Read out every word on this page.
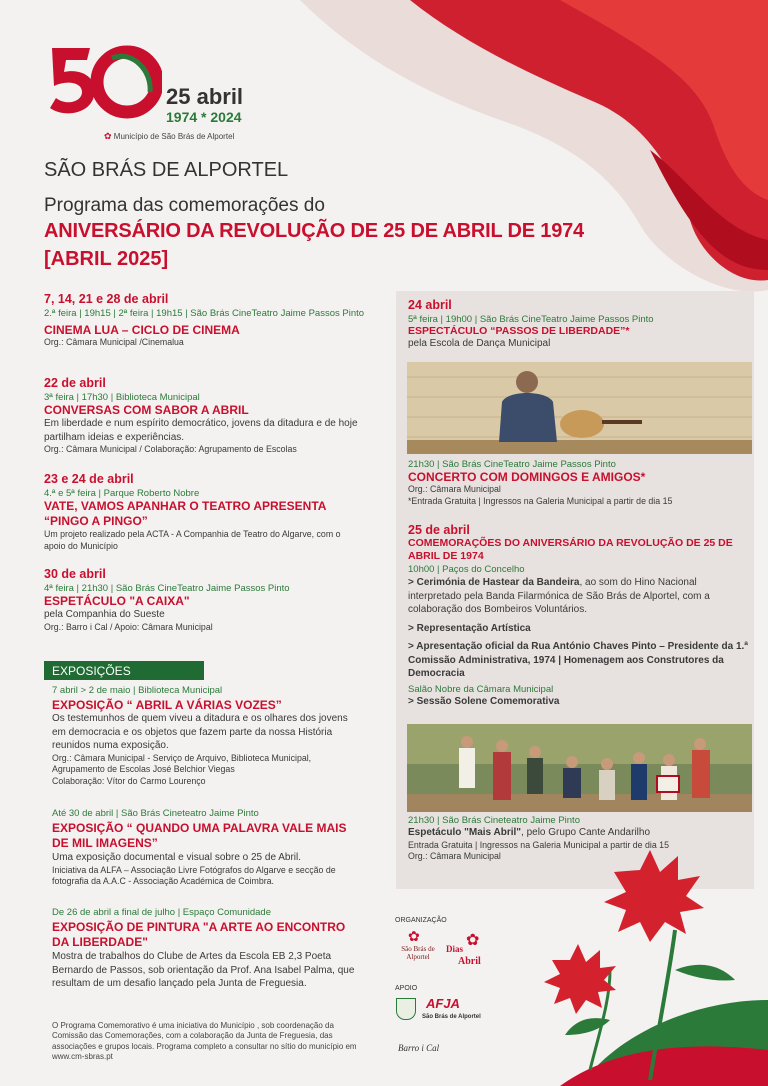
25 abril
1974 * 2024
✿ Município de São Brás de Alportel
SÃO BRÁS DE ALPORTEL
Programa das comemorações do
ANIVERSÁRIO DA REVOLUÇÃO DE 25 DE ABRIL DE 1974
[ABRIL 2025]
7, 14, 21 e 28 de abril
2.ª feira | 19h15 | 2ª feira | 19h15 | São Brás CineTeatro Jaime Passos Pinto
CINEMA LUA – CICLO DE CINEMA
Org.: Câmara Municipal /Cinemalua
22 de abril
3ª feira | 17h30 | Biblioteca Municipal
CONVERSAS COM SABOR A ABRIL
Em liberdade e num espírito democrático, jovens da ditadura e de hoje partilham ideias e experiências.
Org.: Câmara Municipal / Colaboração: Agrupamento de Escolas
23 e 24 de abril
4.ª e 5ª feira | Parque Roberto Nobre
VATE, VAMOS APANHAR O TEATRO APRESENTA “PINGO A PINGO”
Um projeto realizado pela ACTA - A Companhia de Teatro do Algarve, com o apoio do Município
30 de abril
4ª feira | 21h30 | São Brás CineTeatro Jaime Passos Pinto
ESPETÁCULO "A CAIXA"
pela Companhia do Sueste
Org.: Barro i Cal / Apoio: Câmara Municipal
EXPOSIÇÕES
7 abril > 2 de maio | Biblioteca Municipal
EXPOSIÇÃO “ ABRIL A VÁRIAS VOZES”
Os testemunhos de quem viveu a ditadura e os olhares dos jovens em democracia e os objetos que fazem parte da nossa História reunidos numa exposição.
Org.: Câmara Municipal - Serviço de Arquivo, Biblioteca Municipal, Agrupamento de Escolas José Belchior Viegas
Colaboração: Vítor do Carmo Lourenço
Até 30 de abril | São Brás Cineteatro Jaime Pinto
EXPOSIÇÃO “ QUANDO UMA PALAVRA VALE MAIS DE MIL IMAGENS”
Uma exposição documental e visual sobre o 25 de Abril.
Iniciativa da ALFA – Associação Livre Fotógrafos do Algarve e secção de fotografia da A.A.C - Associação Académica de Coimbra.
De 26 de abril a final de julho | Espaço Comunidade
EXPOSIÇÃO DE PINTURA "A ARTE AO ENCONTRO DA LIBERDADE"
Mostra de trabalhos do Clube de Artes da Escola EB 2,3 Poeta Bernardo de Passos, sob orientação da Prof. Ana Isabel Palma, que resultam de um desafio lançado pela Junta de Freguesia.
O Programa Comemorativo é uma iniciativa do Município , sob coordenação da Comissão das Comemorações, com a colaboração da Junta de Freguesia, das associações e grupos locais. Programa completo a consultar no sítio do município em www.cm-sbras.pt
24 abril
5ª feira | 19h00 | São Brás CineTeatro Jaime Passos Pinto
ESPECTÁCULO “PASSOS DE LIBERDADE”*
pela Escola de Dança Municipal
21h30 | São Brás CineTeatro Jaime Passos Pinto
CONCERTO COM DOMINGOS E AMIGOS*
Org.: Câmara Municipal
*Entrada Gratuita | Ingressos na Galeria Municipal a partir de dia 15
25 de abril
COMEMORAÇÕES DO ANIVERSÁRIO DA REVOLUÇÃO DE 25 DE ABRIL DE 1974
10h00 | Paços do Concelho
> Cerimónia de Hastear da Bandeira, ao som do Hino Nacional interpretado pela Banda Filarmónica de São Brás de Alportel, com a colaboração dos Bombeiros Voluntários.
> Representação Artística
> Apresentação oficial da Rua António Chaves Pinto – Presidente da 1.ª Comissão Administrativa, 1974 | Homenagem aos Construtores da Democracia
Salão Nobre da Câmara Municipal
> Sessão Solene Comemorativa
21h30 | São Brás Cineteatro Jaime Pinto
Espetáculo "Mais Abril", pelo Grupo Cante Andarilho
Entrada Gratuita | Ingressos na Galeria Municipal a partir de dia 15
Org.: Câmara Municipal
ORGANIZAÇÃO
✿
São Brás de Alportel
✿
Dias
Abril
APOIO
AFJA
São Brás de Alportel
Barro i Cal
